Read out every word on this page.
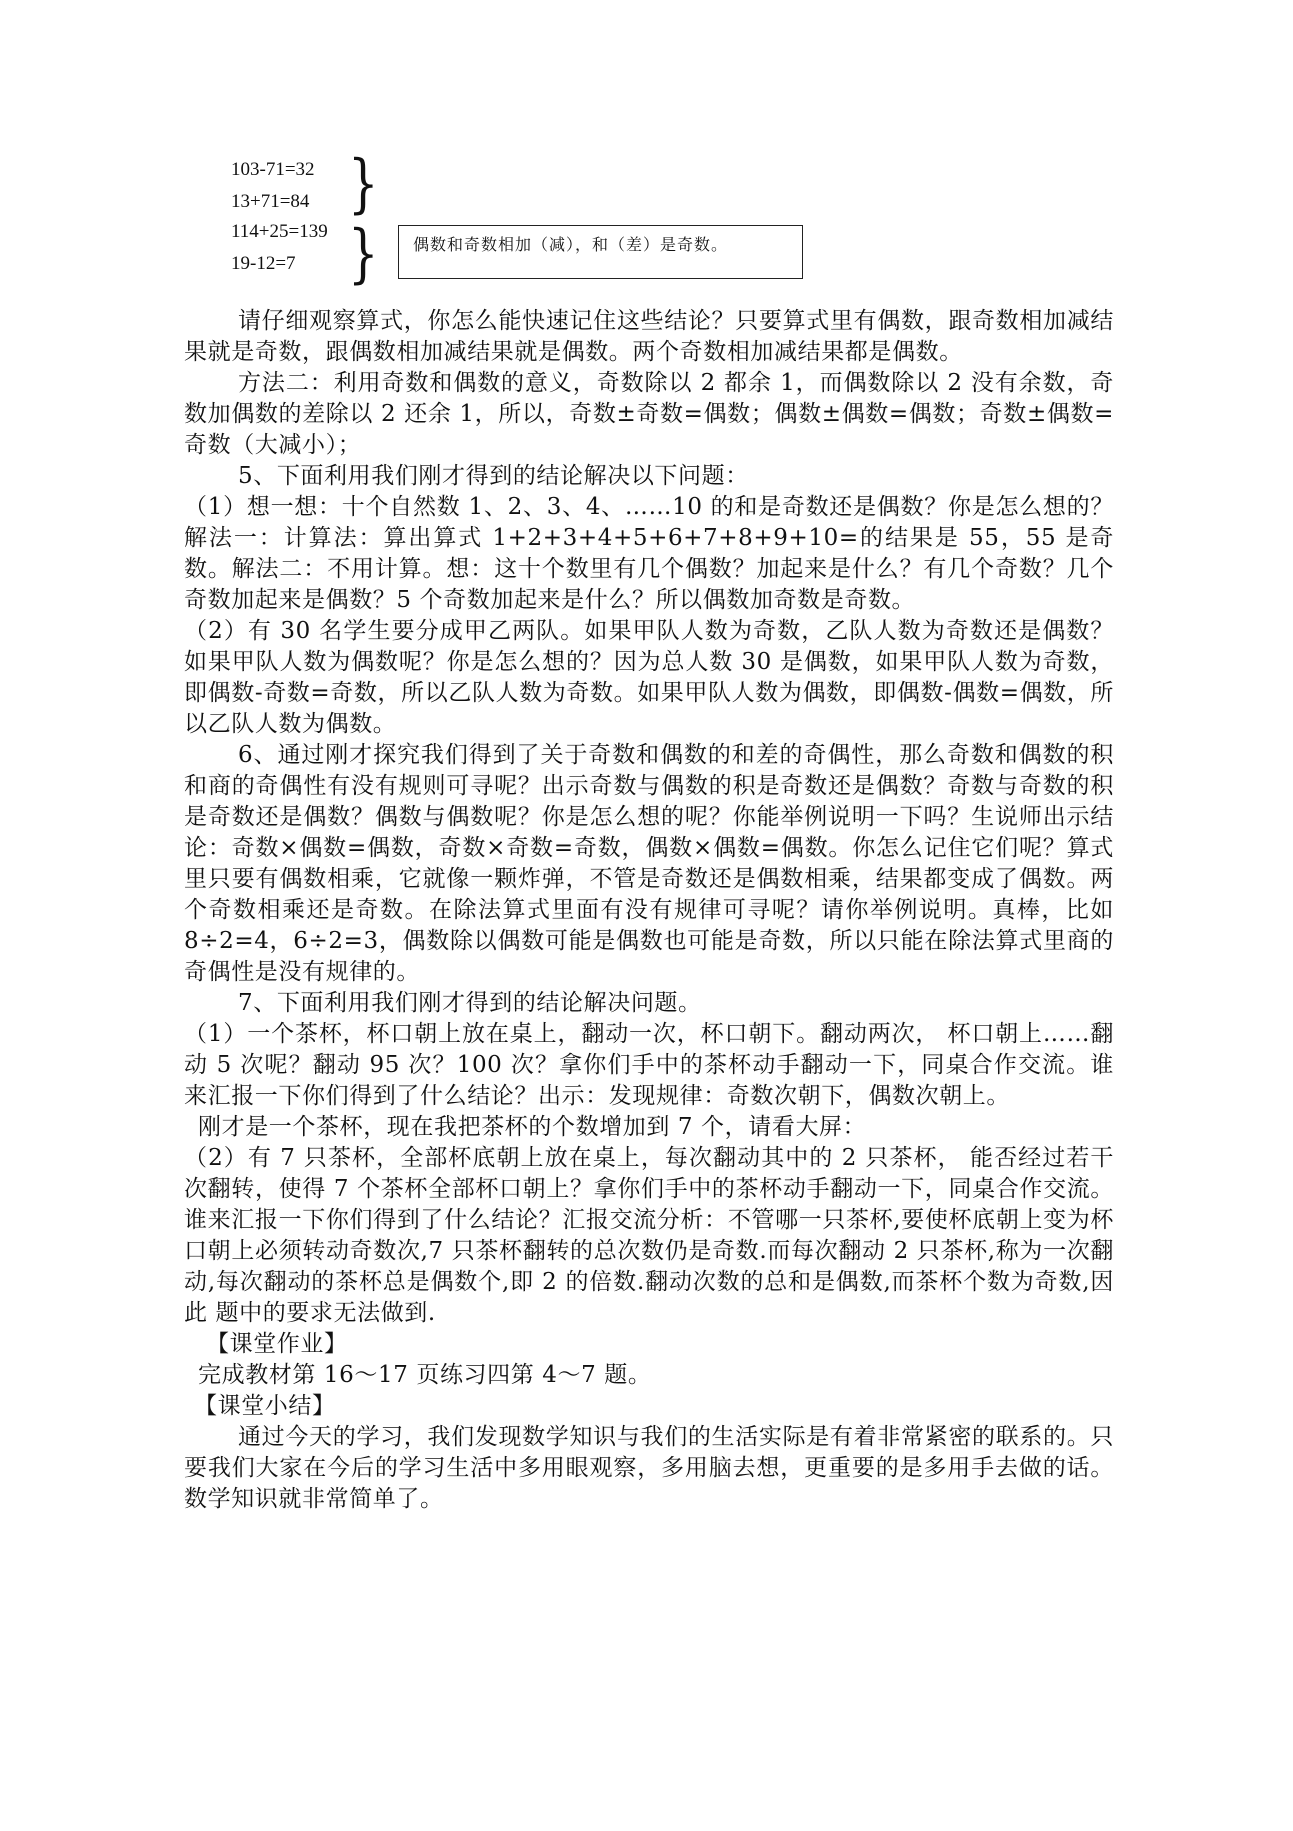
103-71=32
13+71=84 }
114+25=139
19-12=7 }	偶数和奇数相加（减），和（差）是奇数。

请仔细观察算式，你怎么能快速记住这些结论？只要算式里有偶数，跟奇数相加减结果就是奇数，跟偶数相加减结果就是偶数。两个奇数相加减结果都是偶数。

方法二：利用奇数和偶数的意义，奇数除以 2 都余 1，而偶数除以 2 没有余数，奇数加偶数的差除以 2 还余 1，所以，奇数±奇数=偶数；偶数±偶数=偶数；奇数±偶数=奇数（大减小）；

5、下面利用我们刚才得到的结论解决以下问题：

（1）想一想：十个自然数 1、2、3、4、……10 的和是奇数还是偶数？你是怎么想的？解法一：计算法：算出算式 1+2+3+4+5+6+7+8+9+10=的结果是 55，55 是奇数。解法二：不用计算。想：这十个数里有几个偶数？加起来是什么？有几个奇数？几个奇数加起来是偶数？5 个奇数加起来是什么？所以偶数加奇数是奇数。

（2）有 30 名学生要分成甲乙两队。如果甲队人数为奇数，乙队人数为奇数还是偶数？如果甲队人数为偶数呢？你是怎么想的？因为总人数 30 是偶数，如果甲队人数为奇数，即偶数-奇数=奇数，所以乙队人数为奇数。如果甲队人数为偶数，即偶数-偶数=偶数，所以乙队人数为偶数。

6、通过刚才探究我们得到了关于奇数和偶数的和差的奇偶性，那么奇数和偶数的积和商的奇偶性有没有规则可寻呢？出示奇数与偶数的积是奇数还是偶数？奇数与奇数的积是奇数还是偶数？偶数与偶数呢？你是怎么想的呢？你能举例说明一下吗？生说师出示结论：奇数×偶数=偶数，奇数×奇数=奇数，偶数×偶数=偶数。你怎么记住它们呢？算式里只要有偶数相乘，它就像一颗炸弹，不管是奇数还是偶数相乘，结果都变成了偶数。两个奇数相乘还是奇数。在除法算式里面有没有规律可寻呢？请你举例说明。真棒，比如 8÷2=4，6÷2=3，偶数除以偶数可能是偶数也可能是奇数，所以只能在除法算式里商的奇偶性是没有规律的。

7、下面利用我们刚才得到的结论解决问题。

（1）一个茶杯，杯口朝上放在桌上，翻动一次，杯口朝下。翻动两次， 杯口朝上……翻动 5 次呢？翻动 95 次？100 次？拿你们手中的茶杯动手翻动一下，同桌合作交流。谁来汇报一下你们得到了什么结论？出示：发现规律：奇数次朝下，偶数次朝上。

刚才是一个茶杯，现在我把茶杯的个数增加到 7 个，请看大屏：

（2）有 7 只茶杯，全部杯底朝上放在桌上，每次翻动其中的 2 只茶杯， 能否经过若干次翻转，使得 7 个茶杯全部杯口朝上？拿你们手中的茶杯动手翻动一下，同桌合作交流。谁来汇报一下你们得到了什么结论？汇报交流分析：不管哪一只茶杯,要使杯底朝上变为杯口朝上必须转动奇数次,7 只茶杯翻转的总次数仍是奇数.而每次翻动 2 只茶杯,称为一次翻动,每次翻动的茶杯总是偶数个,即 2 的倍数.翻动次数的总和是偶数,而茶杯个数为奇数,因此 题中的要求无法做到.

【课堂作业】

完成教材第 16～17 页练习四第 4～7 题。

【课堂小结】

通过今天的学习，我们发现数学知识与我们的生活实际是有着非常紧密的联系的。只要我们大家在今后的学习生活中多用眼观察，多用脑去想，更重要的是多用手去做的话。数学知识就非常简单了。
